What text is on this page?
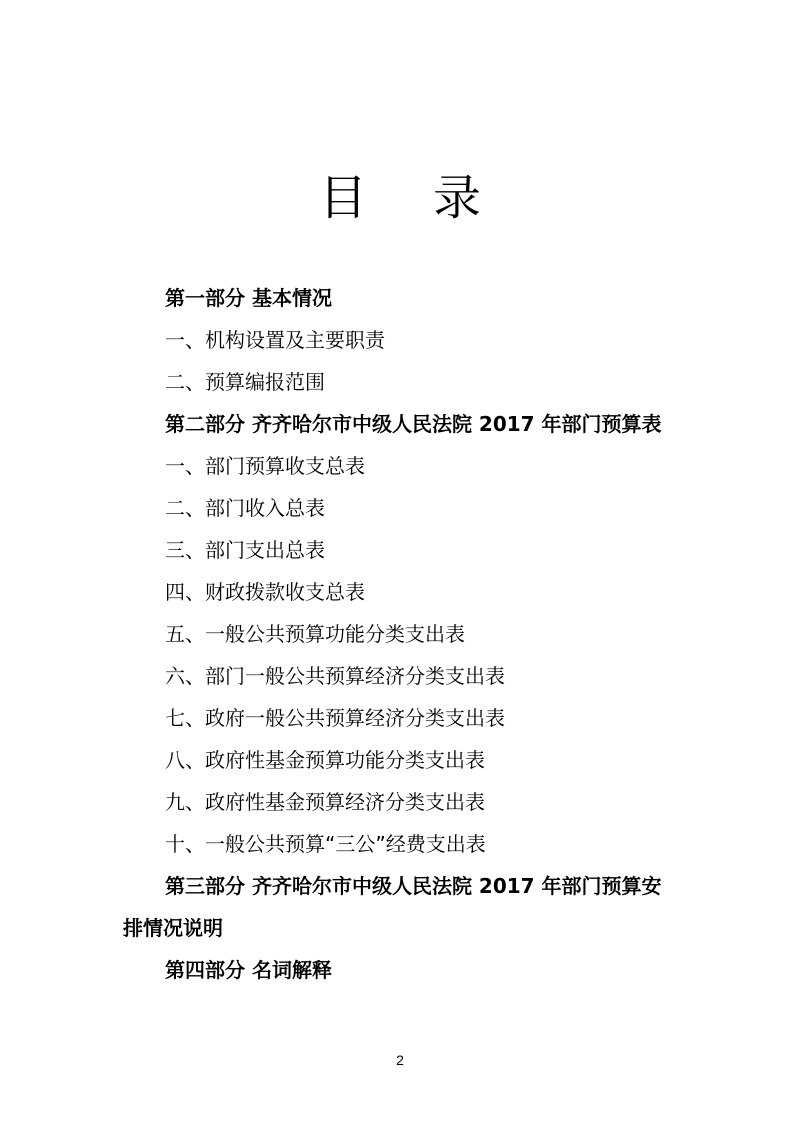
目录
第一部分 基本情况
一、机构设置及主要职责
二、预算编报范围
第二部分 齐齐哈尔市中级人民法院 2017 年部门预算表
一、部门预算收支总表
二、部门收入总表
三、部门支出总表
四、财政拨款收支总表
五、一般公共预算功能分类支出表
六、部门一般公共预算经济分类支出表
七、政府一般公共预算经济分类支出表
八、政府性基金预算功能分类支出表
九、政府性基金预算经济分类支出表
十、一般公共预算“三公”经费支出表
第三部分 齐齐哈尔市中级人民法院 2017 年部门预算安
排情况说明
第四部分 名词解释
2
